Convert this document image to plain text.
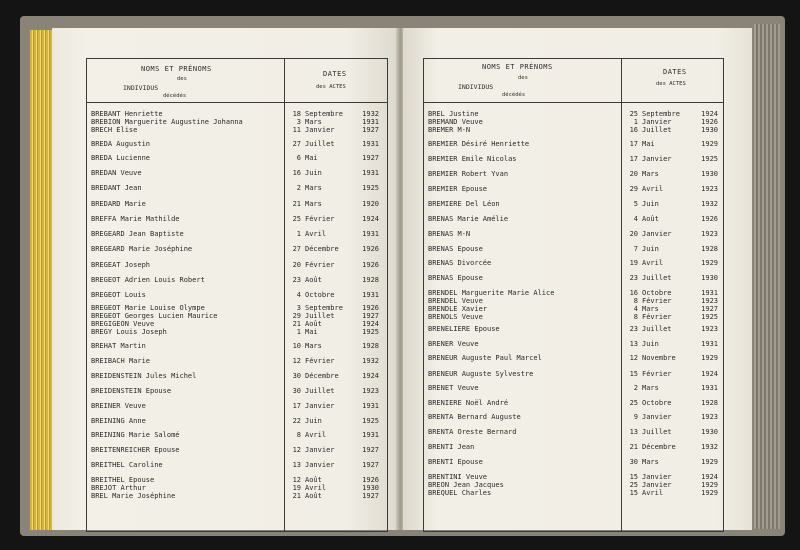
NOMS ET PRÉNOMS
des
INDIVIDUS
décédés
DATES
des ACTES
BREBANT Henriette	18 Septembre	1932
BREBION Marguerite Augustine Johanna	3 Mars	1931
BRECH Elise	11 Janvier	1927
BREDA Augustin	27 Juillet	1931
BREDA Lucienne	6 Mai	1927
BREDAN Veuve	16 Juin	1931
BREDANT Jean	2 Mars	1925
BREDARD Marie	21 Mars	1920
BREFFA Marie Mathilde	25 Février	1924
BREGEARD Jean Baptiste	1 Avril	1931
BREGEARD Marie Joséphine	27 Décembre	1926
BREGEAT Joseph	20 Février	1926
BREGEOT Adrien Louis Robert	23 Août	1928
BREGEOT Louis	4 Octobre	1931
BREGEOT Marie Louise Olympe	3 Septembre	1926
BREGEOT Georges Lucien Maurice	29 Juillet	1927
BREGIGEON Veuve	21 Août	1924
BREGY Louis Joseph	1 Mai	1925
BREHAT Martin	10 Mars	1928
BREIBACH Marie	12 Février	1932
BREIDENSTEIN Jules Michel	30 Décembre	1924
BREIDENSTEIN Epouse	30 Juillet	1923
BREINER Veuve	17 Janvier	1931
BREINING Anne	22 Juin	1925
BREINING Marie Salomé	8 Avril	1931
BREITENREICHER Epouse	12 Janvier	1927
BREITHEL Caroline	13 Janvier	1927
BREITHEL Epouse	12 Août	1926
BREJOT Arthur	19 Avril	1930
BREL Marie Joséphine	21 Août	1927
NOMS ET PRÉNOMS
des
INDIVIDUS
décédés
DATES
des ACTES
BREL Justine	25 Septembre	1924
BREMAND Veuve	1 Janvier	1926
BREMER M-N	16 Juillet	1930
BREMIER Désiré Henriette	17 Mai	1929
BREMIER Emile Nicolas	17 Janvier	1925
BREMIER Robert Yvan	20 Mars	1930
BREMIER Epouse	29 Avril	1923
BREMIERE Del Léon	5 Juin	1932
BRENAS Marie Amélie	4 Août	1926
BRENAS M-N	20 Janvier	1923
BRENAS Epouse	7 Juin	1928
BRENAS Divorcée	19 Avril	1929
BRENAS Epouse	23 Juillet	1930
BRENDEL Marguerite Marie Alice	16 Octobre	1931
BRENDEL Veuve	8 Février	1923
BRENDLE Xavier	4 Mars	1927
BRENOLS Veuve	8 Février	1925
BRENELIERE Epouse	23 Juillet	1923
BRENER Veuve	13 Juin	1931
BRENEUR Auguste Paul Marcel	12 Novembre	1929
BRENEUR Auguste Sylvestre	15 Février	1924
BRENET Veuve	2 Mars	1931
BRENIERE Noël André	25 Octobre	1928
BRENTA Bernard Auguste	9 Janvier	1923
BRENTA Oreste Bernard	13 Juillet	1930
BRENTI Jean	21 Décembre	1932
BRENTI Epouse	30 Mars	1929
BRENTINI Veuve	15 Janvier	1924
BREON Jean Jacques	25 Janvier	1929
BRÉQUEL Charles	15 Avril	1929
